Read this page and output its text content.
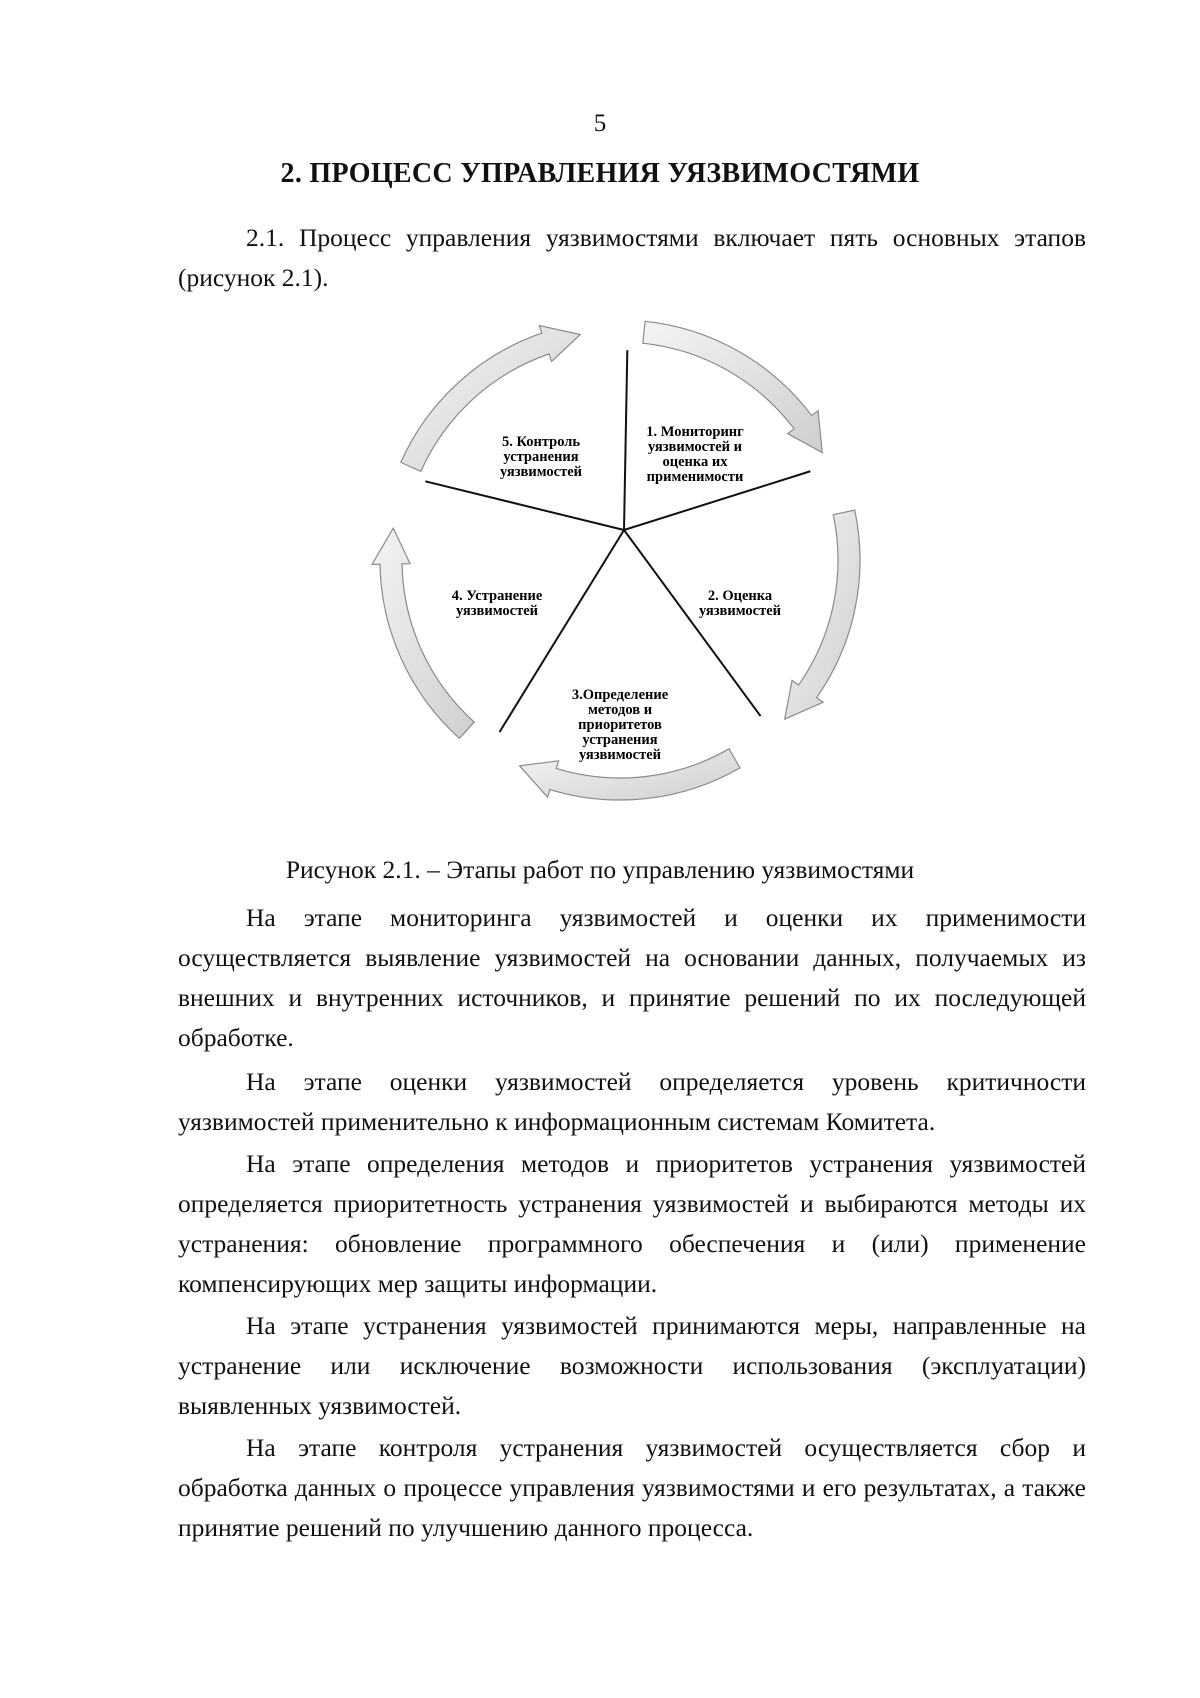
5
2. ПРОЦЕСС УПРАВЛЕНИЯ УЯЗВИМОСТЯМИ

2.1. Процесс управления уязвимостями включает пять основных этапов (рисунок 2.1).

1. Мониторинг уязвимостей и оценка их применимости
2. Оценка уязвимостей
3.Определение методов и приоритетов устранения уязвимостей
4. Устранение уязвимостей
5. Контроль устранения уязвимостей
Рисунок 2.1. – Этапы работ по управлению уязвимостями

На этапе мониторинга уязвимостей и оценки их применимости осуществляется выявление уязвимостей на основании данных, получаемых из внешних и внутренних источников, и принятие решений по их последующей обработке.

На этапе оценки уязвимостей определяется уровень критичности уязвимостей применительно к информационным системам Комитета.

На этапе определения методов и приоритетов устранения уязвимостей определяется приоритетность устранения уязвимостей и выбираются методы их устранения: обновление программного обеспечения и (или) применение компенсирующих мер защиты информации.

На этапе устранения уязвимостей принимаются меры, направленные на устранение или исключение возможности использования (эксплуатации) выявленных уязвимостей.

На этапе контроля устранения уязвимостей осуществляется сбор и обработка данных о процессе управления уязвимостями и его результатах, а также принятие решений по улучшению данного процесса.
